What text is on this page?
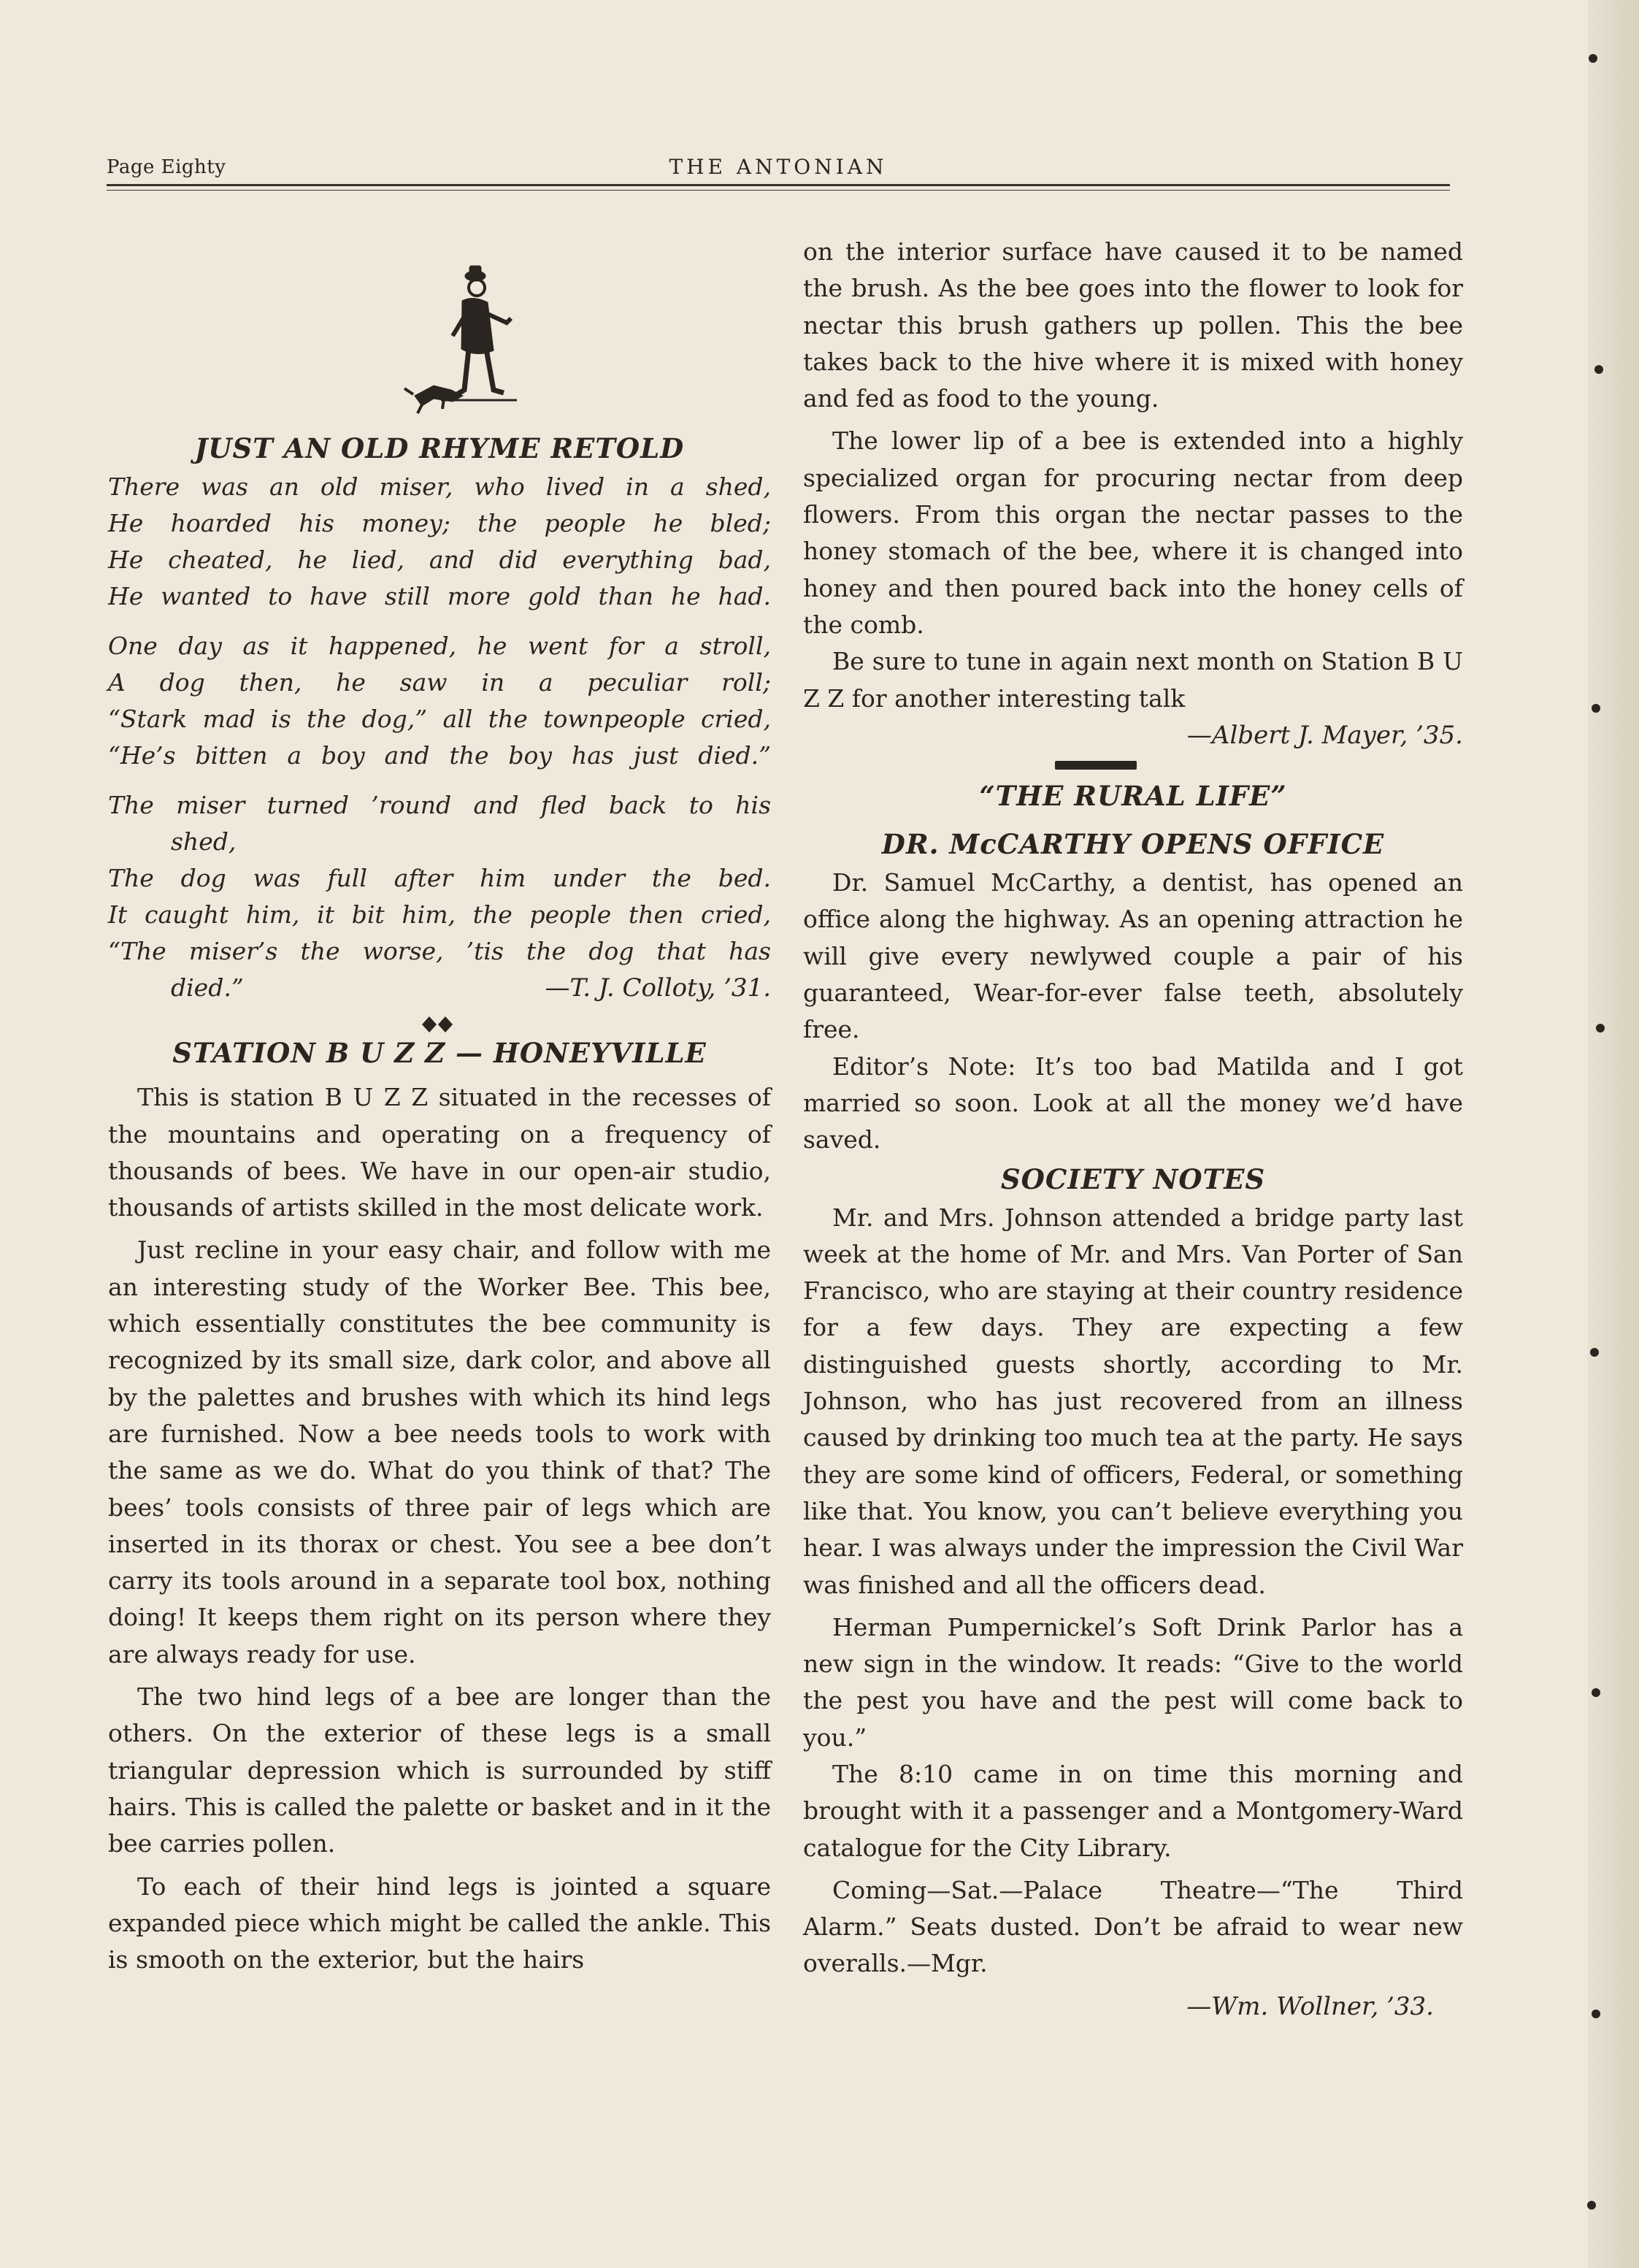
Page Eighty	THE ANTONIAN
JUST AN OLD RHYME RETOLD
There was an old miser, who lived in a shed,
He hoarded his money; the people he bled;
He cheated, he lied, and did everything bad,
He wanted to have still more gold than he had.
One day as it happened, he went for a stroll,
A dog then, he saw in a peculiar roll;
“Stark mad is the dog,” all the townpeople cried,
“He’s bitten a boy and the boy has just died.”
The miser turned ’round and fled back to his
shed,
The dog was full after him under the bed.
It caught him, it bit him, the people then cried,
“The miser’s the worse, ’tis the dog that has
died.”	—T. J. Colloty, ’31.
STATION B U Z Z — HONEYVILLE

This is station B U Z Z situated in the recesses of the mountains and operating on a frequency of thousands of bees. We have in our open-air studio, thousands of artists skilled in the most delicate work.

Just recline in your easy chair, and follow with me an interesting study of the Worker Bee. This bee, which essentially constitutes the bee community is recognized by its small size, dark color, and above all by the palettes and brushes with which its hind legs are furnished. Now a bee needs tools to work with the same as we do. What do you think of that? The bees’ tools consists of three pair of legs which are inserted in its thorax or chest. You see a bee don’t carry its tools around in a separate tool box, nothing doing! It keeps them right on its person where they are always ready for use.

The two hind legs of a bee are longer than the others. On the exterior of these legs is a small triangular depression which is surrounded by stiff hairs. This is called the palette or basket and in it the bee carries pollen.

To each of their hind legs is jointed a square expanded piece which might be called the ankle. This is smooth on the exterior, but the hairs

on the interior surface have caused it to be named the brush. As the bee goes into the flower to look for nectar this brush gathers up pollen. This the bee takes back to the hive where it is mixed with honey and fed as food to the young.

The lower lip of a bee is extended into a highly specialized organ for procuring nectar from deep flowers. From this organ the nectar passes to the honey stomach of the bee, where it is changed into honey and then poured back into the honey cells of the comb.

Be sure to tune in again next month on Station B U Z Z for another interesting talk

—Albert J. Mayer, ’35.
“THE RURAL LIFE”
DR. McCARTHY OPENS OFFICE

Dr. Samuel McCarthy, a dentist, has opened an office along the highway. As an opening attraction he will give every newlywed couple a pair of his guaranteed, Wear-for-ever false teeth, absolutely free.

Editor’s Note: It’s too bad Matilda and I got married so soon. Look at all the money we’d have saved.

SOCIETY NOTES

Mr. and Mrs. Johnson attended a bridge party last week at the home of Mr. and Mrs. Van Porter of San Francisco, who are staying at their country residence for a few days. They are expecting a few distinguished guests shortly, according to Mr. Johnson, who has just recovered from an illness caused by drinking too much tea at the party. He says they are some kind of officers, Federal, or something like that. You know, you can’t believe everything you hear. I was always under the impression the Civil War was finished and all the officers dead.

Herman Pumpernickel’s Soft Drink Parlor has a new sign in the window. It reads: “Give to the world the pest you have and the pest will come back to you.”

The 8:10 came in on time this morning and brought with it a passenger and a Montgomery-Ward catalogue for the City Library.

Coming—Sat.—Palace Theatre—“The Third Alarm.” Seats dusted. Don’t be afraid to wear new overalls.—Mgr.

—Wm. Wollner, ’33.
